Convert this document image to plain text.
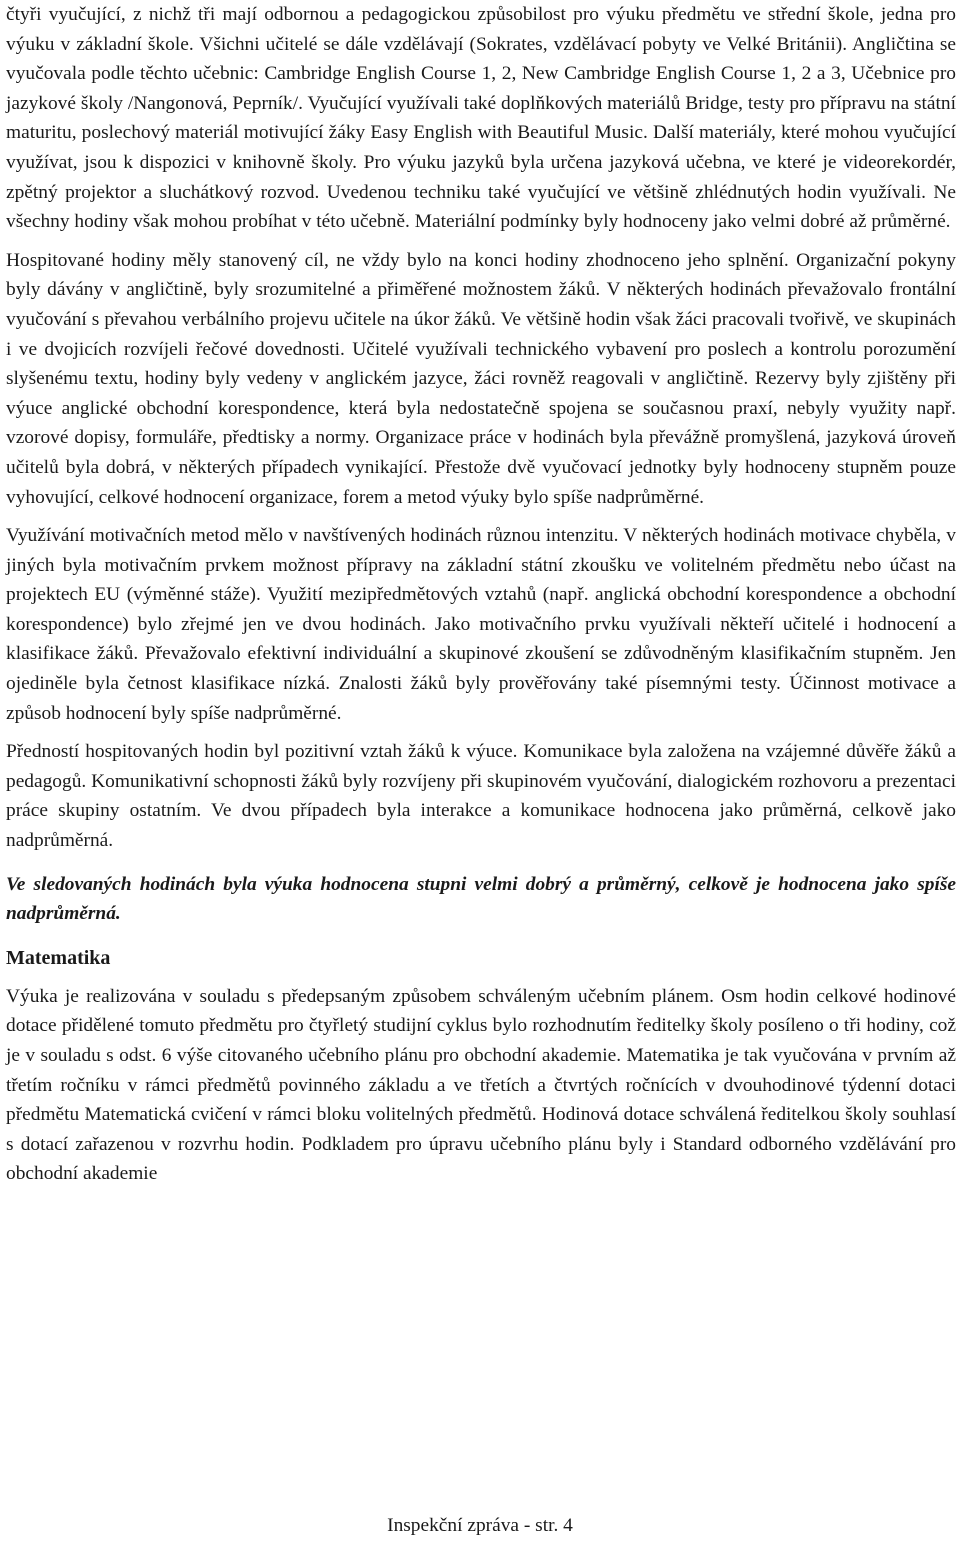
čtyři vyučující, z nichž tři mají odbornou a pedagogickou způsobilost pro výuku předmětu ve střední škole, jedna pro výuku v základní škole. Všichni učitelé se dále vzdělávají (Sokrates, vzdělávací pobyty ve Velké Británii). Angličtina se vyučovala podle těchto učebnic: Cambridge English Course 1, 2, New Cambridge English Course 1, 2 a 3, Učebnice pro jazykové školy /Nangonová, Peprník/. Vyučující využívali také doplňkových materiálů Bridge, testy pro přípravu na státní maturitu, poslechový materiál motivující žáky Easy English with Beautiful Music. Další materiály, které mohou vyučující využívat, jsou k dispozici v knihovně školy. Pro výuku jazyků byla určena jazyková učebna, ve které je videorekordér, zpětný projektor a sluchátkový rozvod. Uvedenou techniku také vyučující ve většině zhlédnutých hodin využívali. Ne všechny hodiny však mohou probíhat v této učebně. Materiální podmínky byly hodnoceny jako velmi dobré až průměrné.

Hospitované hodiny měly stanovený cíl, ne vždy bylo na konci hodiny zhodnoceno jeho splnění. Organizační pokyny byly dávány v angličtině, byly srozumitelné a přiměřené možnostem žáků. V některých hodinách převažovalo frontální vyučování s převahou verbálního projevu učitele na úkor žáků. Ve většině hodin však žáci pracovali tvořivě, ve skupinách i ve dvojicích rozvíjeli řečové dovednosti. Učitelé využívali technického vybavení pro poslech a kontrolu porozumění slyšenému textu, hodiny byly vedeny v anglickém jazyce, žáci rovněž reagovali v angličtině. Rezervy byly zjištěny při výuce anglické obchodní korespondence, která byla nedostatečně spojena se současnou praxí, nebyly využity např. vzorové dopisy, formuláře, předtisky a normy. Organizace práce v hodinách byla převážně promyšlená, jazyková úroveň učitelů byla dobrá, v některých případech vynikající. Přestože dvě vyučovací jednotky byly hodnoceny stupněm pouze vyhovující, celkové hodnocení organizace, forem a metod výuky bylo spíše nadprůměrné.

Využívání motivačních metod mělo v navštívených hodinách různou intenzitu. V některých hodinách motivace chyběla, v jiných byla motivačním prvkem možnost přípravy na základní státní zkoušku ve volitelném předmětu nebo účast na projektech EU (výměnné stáže). Využití mezipředmětových vztahů (např. anglická obchodní korespondence a obchodní korespondence) bylo zřejmé jen ve dvou hodinách. Jako motivačního prvku využívali někteří učitelé i hodnocení a klasifikace žáků. Převažovalo efektivní individuální a skupinové zkoušení se zdůvodněným klasifikačním stupněm. Jen ojediněle byla četnost klasifikace nízká. Znalosti žáků byly prověřovány také písemnými testy. Účinnost motivace a způsob hodnocení byly spíše nadprůměrné.

Předností hospitovaných hodin byl pozitivní vztah žáků k výuce. Komunikace byla založena na vzájemné důvěře žáků a pedagogů. Komunikativní schopnosti žáků byly rozvíjeny při skupinovém vyučování, dialogickém rozhovoru a prezentaci práce skupiny ostatním. Ve dvou případech byla interakce a komunikace hodnocena jako průměrná, celkově jako nadprůměrná.

Ve sledovaných hodinách byla výuka hodnocena stupni velmi dobrý a průměrný, celkově je hodnocena jako spíše nadprůměrná.

Matematika

Výuka je realizována v souladu s předepsaným způsobem schváleným učebním plánem. Osm hodin celkové hodinové dotace přidělené tomuto předmětu pro čtyřletý studijní cyklus bylo rozhodnutím ředitelky školy posíleno o tři hodiny, což je v souladu s odst. 6 výše citovaného učebního plánu pro obchodní akademie. Matematika je tak vyučována v prvním až třetím ročníku v rámci předmětů povinného základu a ve třetích a čtvrtých ročnících v dvouhodinové týdenní dotaci předmětu Matematická cvičení v rámci bloku volitelných předmětů. Hodinová dotace schválená ředitelkou školy souhlasí s dotací zařazenou v rozvrhu hodin. Podkladem pro úpravu učebního plánu byly i Standard odborného vzdělávání pro obchodní akademie

Inspekční zpráva - str. 4
